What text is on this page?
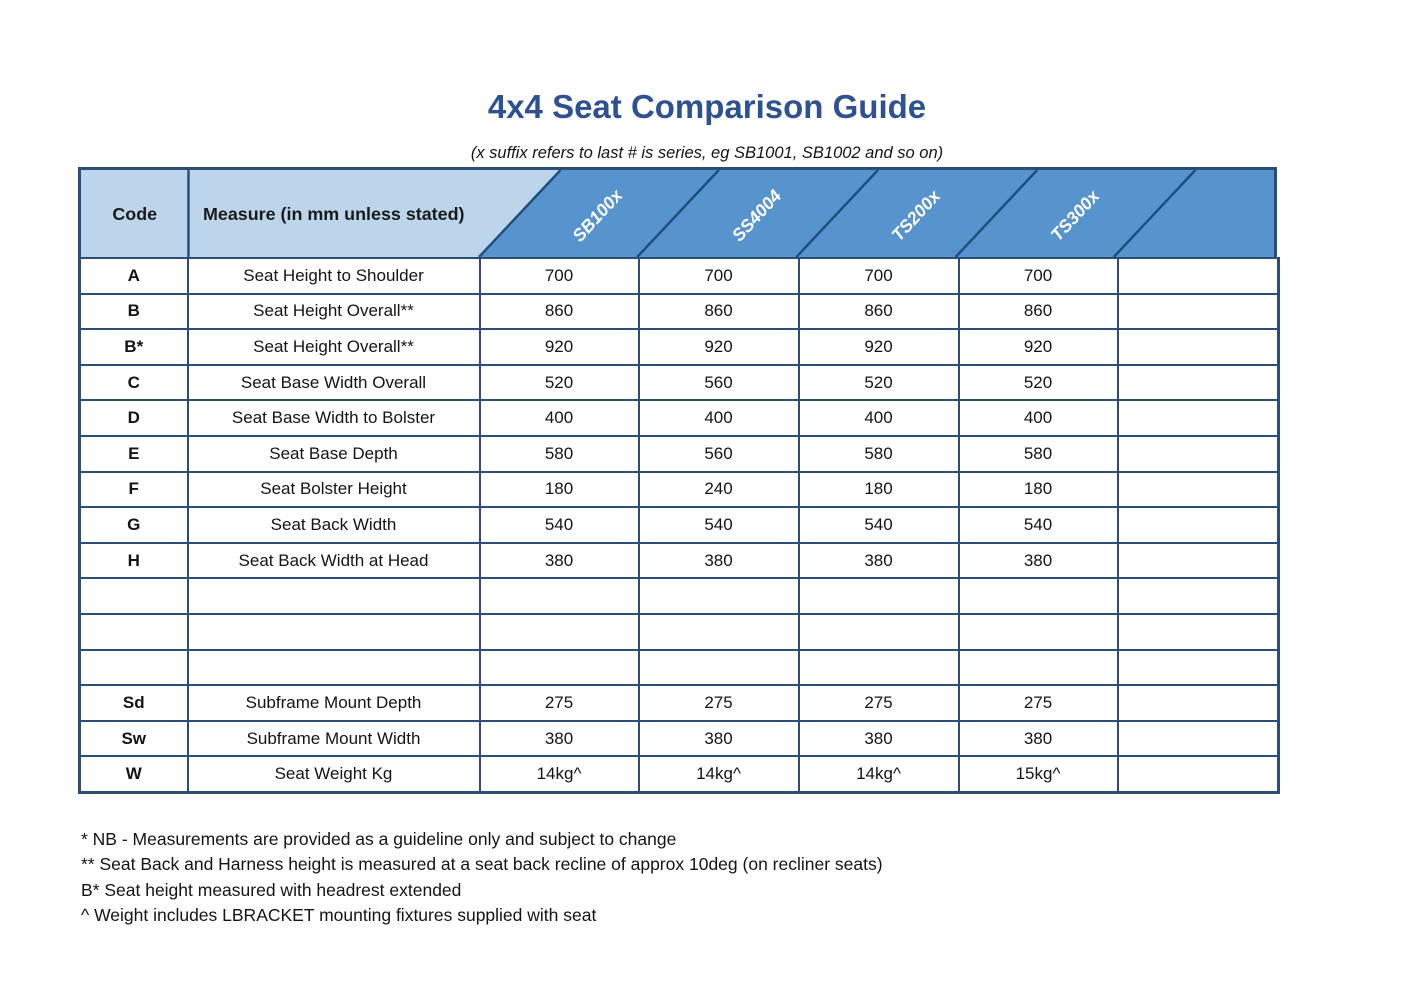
4x4 Seat Comparison Guide
(x suffix refers to last # is series, eg SB1001, SB1002 and so on)
Code	Measure (in mm unless stated)	SB100x	SS4004	TS200x	TS300x
A	Seat Height to Shoulder	700	700	700	700	
B	Seat Height Overall**	860	860	860	860	
B*	Seat Height Overall**	920	920	920	920	
C	Seat Base Width Overall	520	560	520	520	
D	Seat Base Width to Bolster	400	400	400	400	
E	Seat Base Depth	580	560	580	580	
F	Seat Bolster Height	180	240	180	180	
G	Seat Back Width	540	540	540	540	
H	Seat Back Width at Head	380	380	380	380	

Sd	Subframe Mount Depth	275	275	275	275	
Sw	Subframe Mount Width	380	380	380	380	
W	Seat Weight Kg	14kg^	14kg^	14kg^	15kg^	
* NB - Measurements are provided as a guideline only and subject to change
** Seat Back and Harness height is measured at a seat back recline of approx 10deg (on recliner seats)
B* Seat height measured with headrest extended
^ Weight includes LBRACKET mounting fixtures supplied with seat
